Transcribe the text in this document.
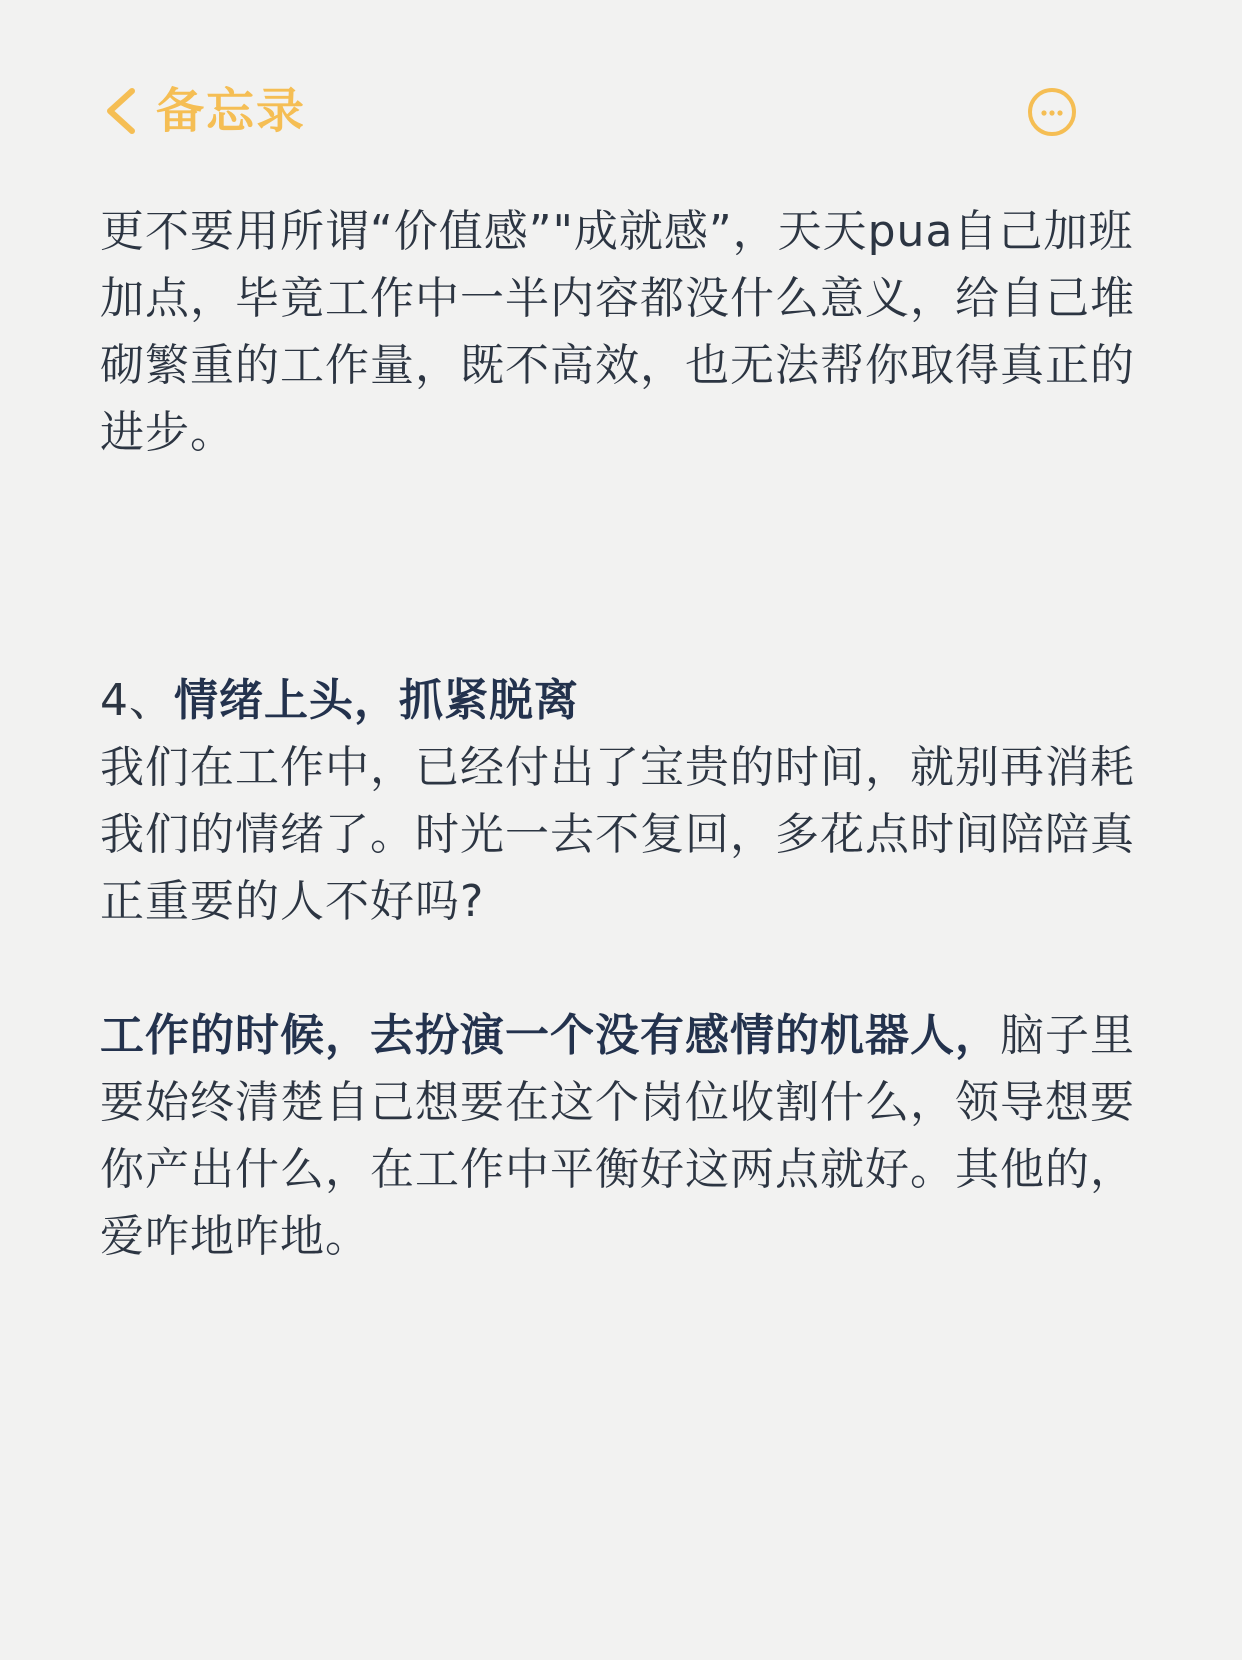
备忘录

更不要用所谓“价值感”"成就感”，天天pua自己加班加点，毕竟工作中一半内容都没什么意义，给自己堆砌繁重的工作量，既不高效，也无法帮你取得真正的进步。

4、情绪上头，抓紧脱离
我们在工作中，已经付出了宝贵的时间，就别再消耗我们的情绪了。时光一去不复回，多花点时间陪陪真正重要的人不好吗?

工作的时候，去扮演一个没有感情的机器人，脑子里要始终清楚自己想要在这个岗位收割什么，领导想要你产出什么，在工作中平衡好这两点就好。其他的，爱咋地咋地。
